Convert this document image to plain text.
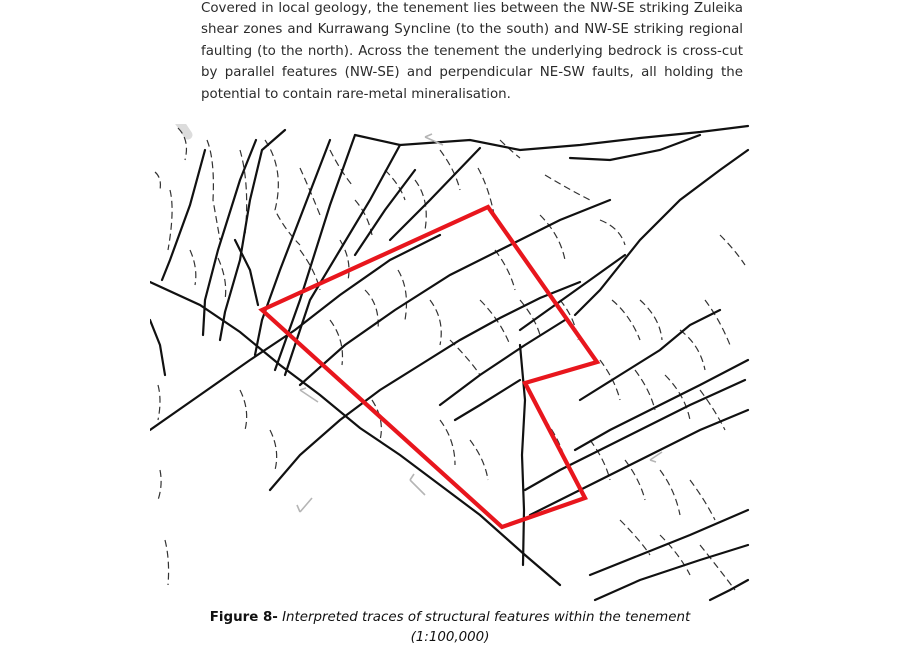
Covered in local geology, the tenement lies between the NW-SE striking Zuleika shear zones and Kurrawang Syncline (to the south) and NW-SE striking regional faulting (to the north). Across the tenement the underlying bedrock is cross-cut by parallel features (NW-SE) and perpendicular NE-SW faults, all holding the potential to contain rare-metal mineralisation.

Figure 8- Interpreted traces of structural features within the tenement
(1:100,000)
